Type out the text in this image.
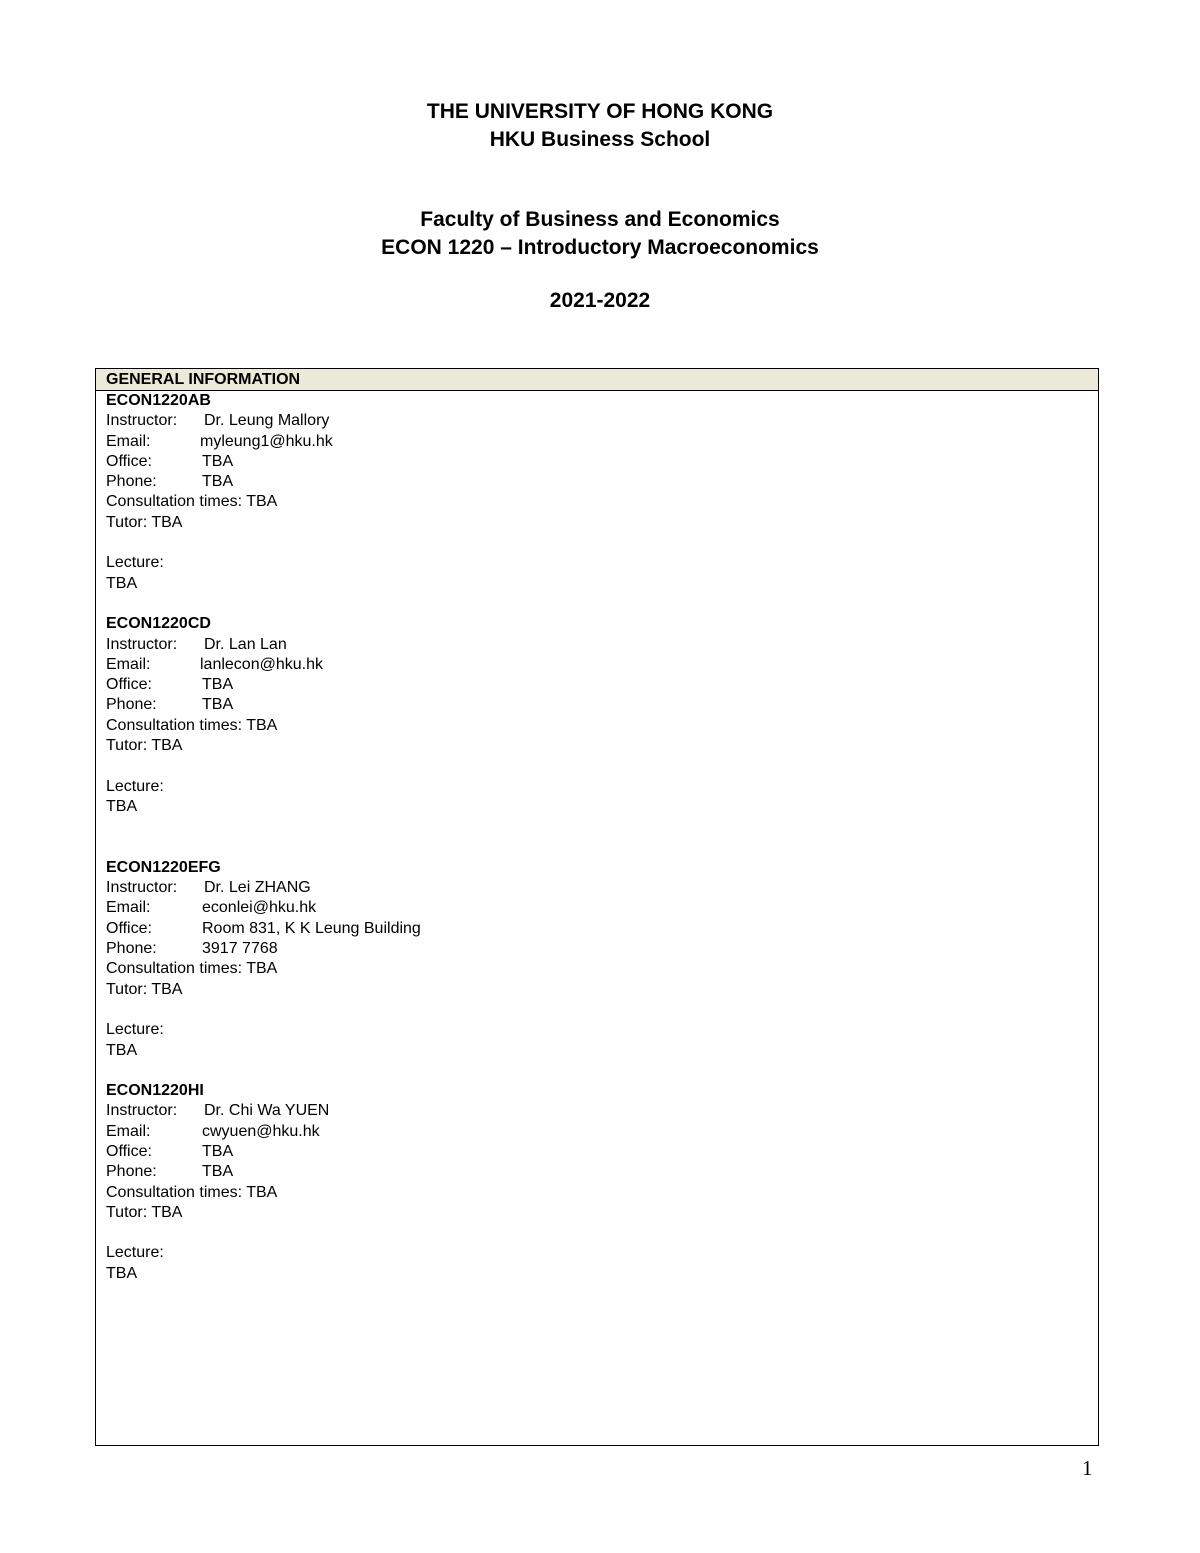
THE UNIVERSITY OF HONG KONG
HKU Business School
Faculty of Business and Economics
ECON 1220 – Introductory Macroeconomics
2021-2022
GENERAL INFORMATION
ECON1220AB
Instructor: Dr. Leung Mallory
Email:	myleung1@hku.hk
Office:	TBA
Phone:	TBA
Consultation times: TBA
Tutor: TBA
Lecture:
TBA
ECON1220CD
Instructor: Dr. Lan Lan
Email:	lanlecon@hku.hk
Office:	TBA
Phone:	TBA
Consultation times: TBA
Tutor: TBA
Lecture:
TBA
ECON1220EFG
Instructor: Dr. Lei ZHANG
Email:	econlei@hku.hk
Office:	Room 831, K K Leung Building
Phone:	3917 7768
Consultation times: TBA
Tutor: TBA
Lecture:
TBA
ECON1220HI
Instructor: Dr. Chi Wa YUEN
Email:	cwyuen@hku.hk
Office:	TBA
Phone:	TBA
Consultation times: TBA
Tutor: TBA
Lecture:
TBA
1
